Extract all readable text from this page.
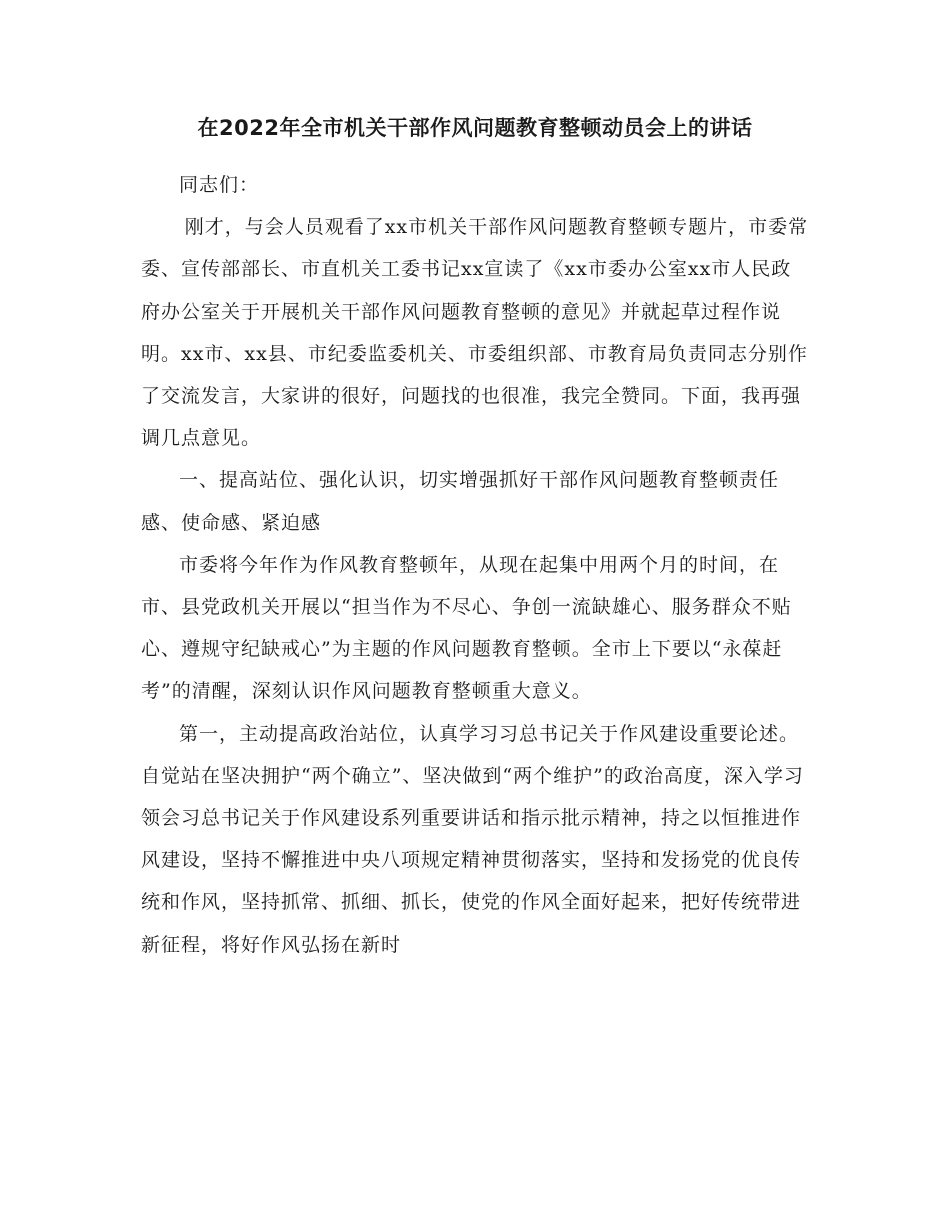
在2022年全市机关干部作风问题教育整顿动员会上的讲话

同志们：

刚才，与会人员观看了xx市机关干部作风问题教育整顿专题片，市委常委、宣传部部长、市直机关工委书记xx宣读了《xx市委办公室xx市人民政府办公室关于开展机关干部作风问题教育整顿的意见》并就起草过程作说明。xx市、xx县、市纪委监委机关、市委组织部、市教育局负责同志分别作了交流发言，大家讲的很好，问题找的也很准，我完全赞同。下面，我再强调几点意见。

一、提高站位、强化认识，切实增强抓好干部作风问题教育整顿责任感、使命感、紧迫感

市委将今年作为作风教育整顿年，从现在起集中用两个月的时间，在市、县党政机关开展以“担当作为不尽心、争创一流缺雄心、服务群众不贴心、遵规守纪缺戒心”为主题的作风问题教育整顿。全市上下要以“永葆赶考”的清醒，深刻认识作风问题教育整顿重大意义。

第一，主动提高政治站位，认真学习习总书记关于作风建设重要论述。自觉站在坚决拥护“两个确立”、坚决做到“两个维护”的政治高度，深入学习领会习总书记关于作风建设系列重要讲话和指示批示精神，持之以恒推进作风建设，坚持不懈推进中央八项规定精神贯彻落实，坚持和发扬党的优良传统和作风，坚持抓常、抓细、抓长，使党的作风全面好起来，把好传统带进新征程，将好作风弘扬在新时
